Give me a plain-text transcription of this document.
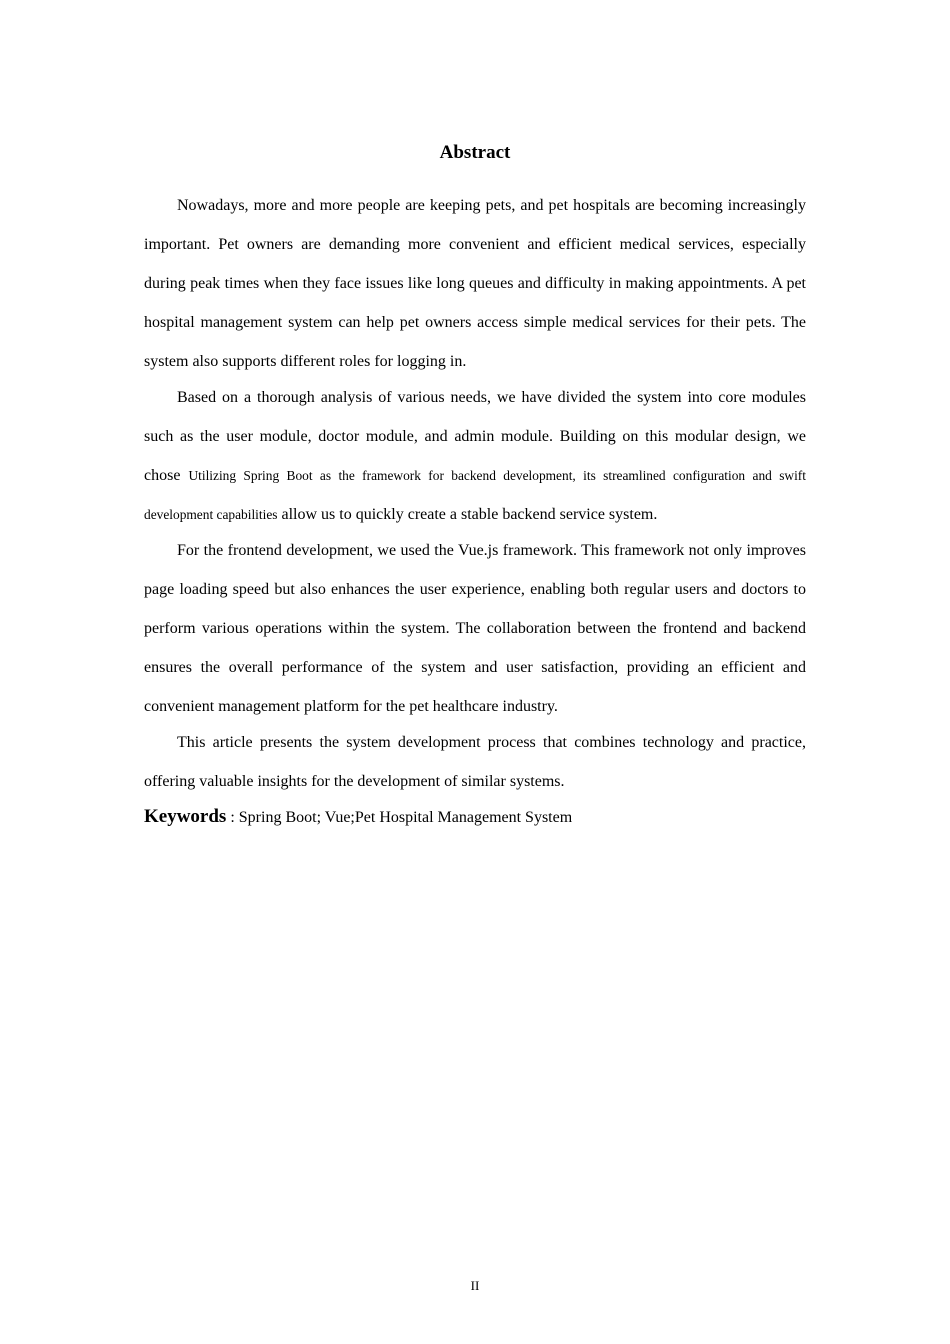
Abstract

Nowadays, more and more people are keeping pets, and pet hospitals are becoming increasingly important. Pet owners are demanding more convenient and efficient medical services, especially during peak times when they face issues like long queues and difficulty in making appointments. A pet hospital management system can help pet owners access simple medical services for their pets. The system also supports different roles for logging in.

Based on a thorough analysis of various needs, we have divided the system into core modules such as the user module, doctor module, and admin module. Building on this modular design, we chose Utilizing Spring Boot as the framework for backend development, its streamlined configuration and swift development capabilities allow us to quickly create a stable backend service system.

For the frontend development, we used the Vue.js framework. This framework not only improves page loading speed but also enhances the user experience, enabling both regular users and doctors to perform various operations within the system. The collaboration between the frontend and backend ensures the overall performance of the system and user satisfaction, providing an efficient and convenient management platform for the pet healthcare industry.

This article presents the system development process that combines technology and practice, offering valuable insights for the development of similar systems.

Keywords : Spring Boot; Vue;Pet Hospital Management System
II
